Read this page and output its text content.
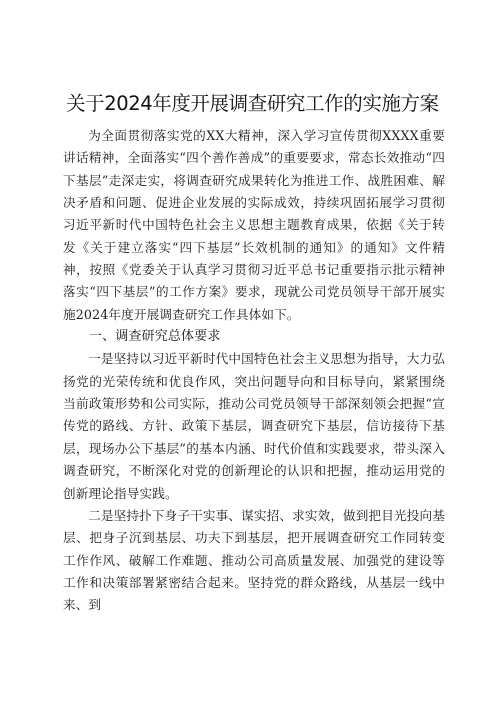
关于2024年度开展调查研究工作的实施方案

为全面贯彻落实党的XX大精神，深入学习宣传贯彻XXXX重要讲话精神，全面落实“四个善作善成”的重要要求，常态长效推动“四下基层”走深走实，将调查研究成果转化为推进工作、战胜困难、解决矛盾和问题、促进企业发展的实际成效，持续巩固拓展学习贯彻习近平新时代中国特色社会主义思想主题教育成果，依据《关于转发《关于建立落实“四下基层”长效机制的通知》的通知》文件精神，按照《党委关于认真学习贯彻习近平总书记重要指示批示精神落实“四下基层”的工作方案》要求，现就公司党员领导干部开展实施2024年度开展调查研究工作具体如下。

一、调查研究总体要求

一是坚持以习近平新时代中国特色社会主义思想为指导，大力弘扬党的光荣传统和优良作风，突出问题导向和目标导向，紧紧围绕当前政策形势和公司实际，推动公司党员领导干部深刻领会把握“宣传党的路线、方针、政策下基层，调查研究下基层，信访接待下基层，现场办公下基层”的基本内涵、时代价值和实践要求，带头深入调查研究，不断深化对党的创新理论的认识和把握，推动运用党的创新理论指导实践。

二是坚持扑下身子干实事、谋实招、求实效，做到把目光投向基层、把身子沉到基层、功夫下到基层，把开展调查研究工作同转变工作作风、破解工作难题、推动公司高质量发展、加强党的建设等工作和决策部署紧密结合起来。坚持党的群众路线，从基层一线中来、到
